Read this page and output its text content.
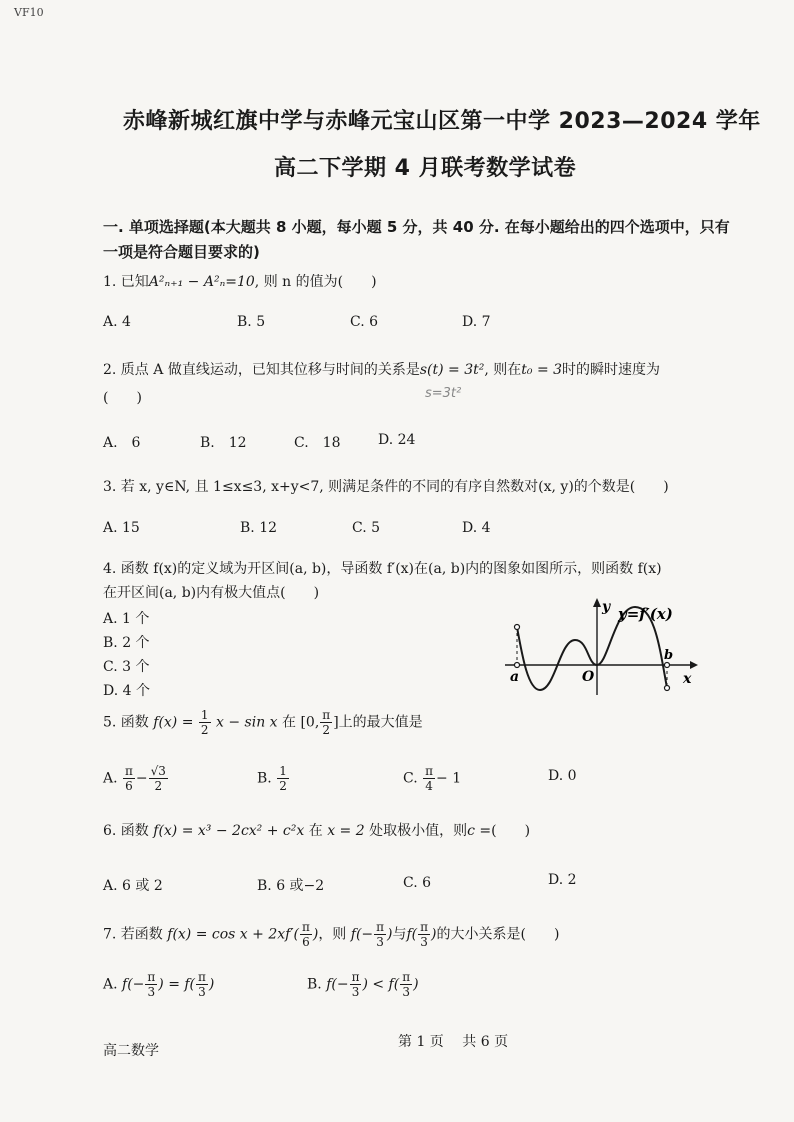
VF10
赤峰新城红旗中学与赤峰元宝山区第一中学 2023—2024 学年
高二下学期 4 月联考数学试卷
一. 单项选择题(本大题共 8 小题，每小题 5 分，共 40 分. 在每小题给出的四个选项中，只有
一项是符合题目要求的)
1. 已知A²ₙ₊₁ − A²ₙ=10, 则 n 的值为(　　)
A. 4	B. 5	C. 6	D. 7
2. 质点 A 做直线运动，已知其位移与时间的关系是s(t) = 3t², 则在t₀ = 3时的瞬时速度为
(　　)	s=3t²
A.　6	B.　12	C.　18	D. 24
3. 若 x, y∈N, 且 1≤x≤3, x+y<7, 则满足条件的不同的有序自然数对(x, y)的个数是(　　)
A. 15	B. 12	C. 5	D. 4
4. 函数 f(x)的定义域为开区间(a, b)，导函数 f′(x)在(a, b)内的图象如图所示，则函数 f(x)
在开区间(a, b)内有极大值点(　　)
A. 1 个
B. 2 个
C. 3 个
D. 4 个
y y=f′(x)
x
a
b
O
5. 函数 $f(x) = \frac{1}{2}$ x − sin x 在 [0, $\frac{\pi}{2}$ ]上的最大值是
A. $\frac{\pi}{6} - \frac{√3}{2}$	B. $\frac{1}{2}$	C. $\frac{\pi}{4} - 1$	D. 0
6. 函数 f(x) = x³ − 2cx² + c²x 在 x = 2 处取极小值，则c =(　　)
A. 6 或 2	B. 6 或−2	C. 6	D. 2
7. 若函数 $f(x) = \cos x + 2xf'( \frac{\pi}{6}$ )，则 $f(- \frac{\pi}{3}$ )与$f( \frac{\pi}{3}$ )的大小关系是(　　)
A. $f(- \frac{\pi}{3}$ ) = $f( \frac{\pi}{3}$ )	B. $f(- \frac{\pi}{3}$ ) < $f( \frac{\pi}{3}$ )
高二数学
第 1 页　 共 6 页
